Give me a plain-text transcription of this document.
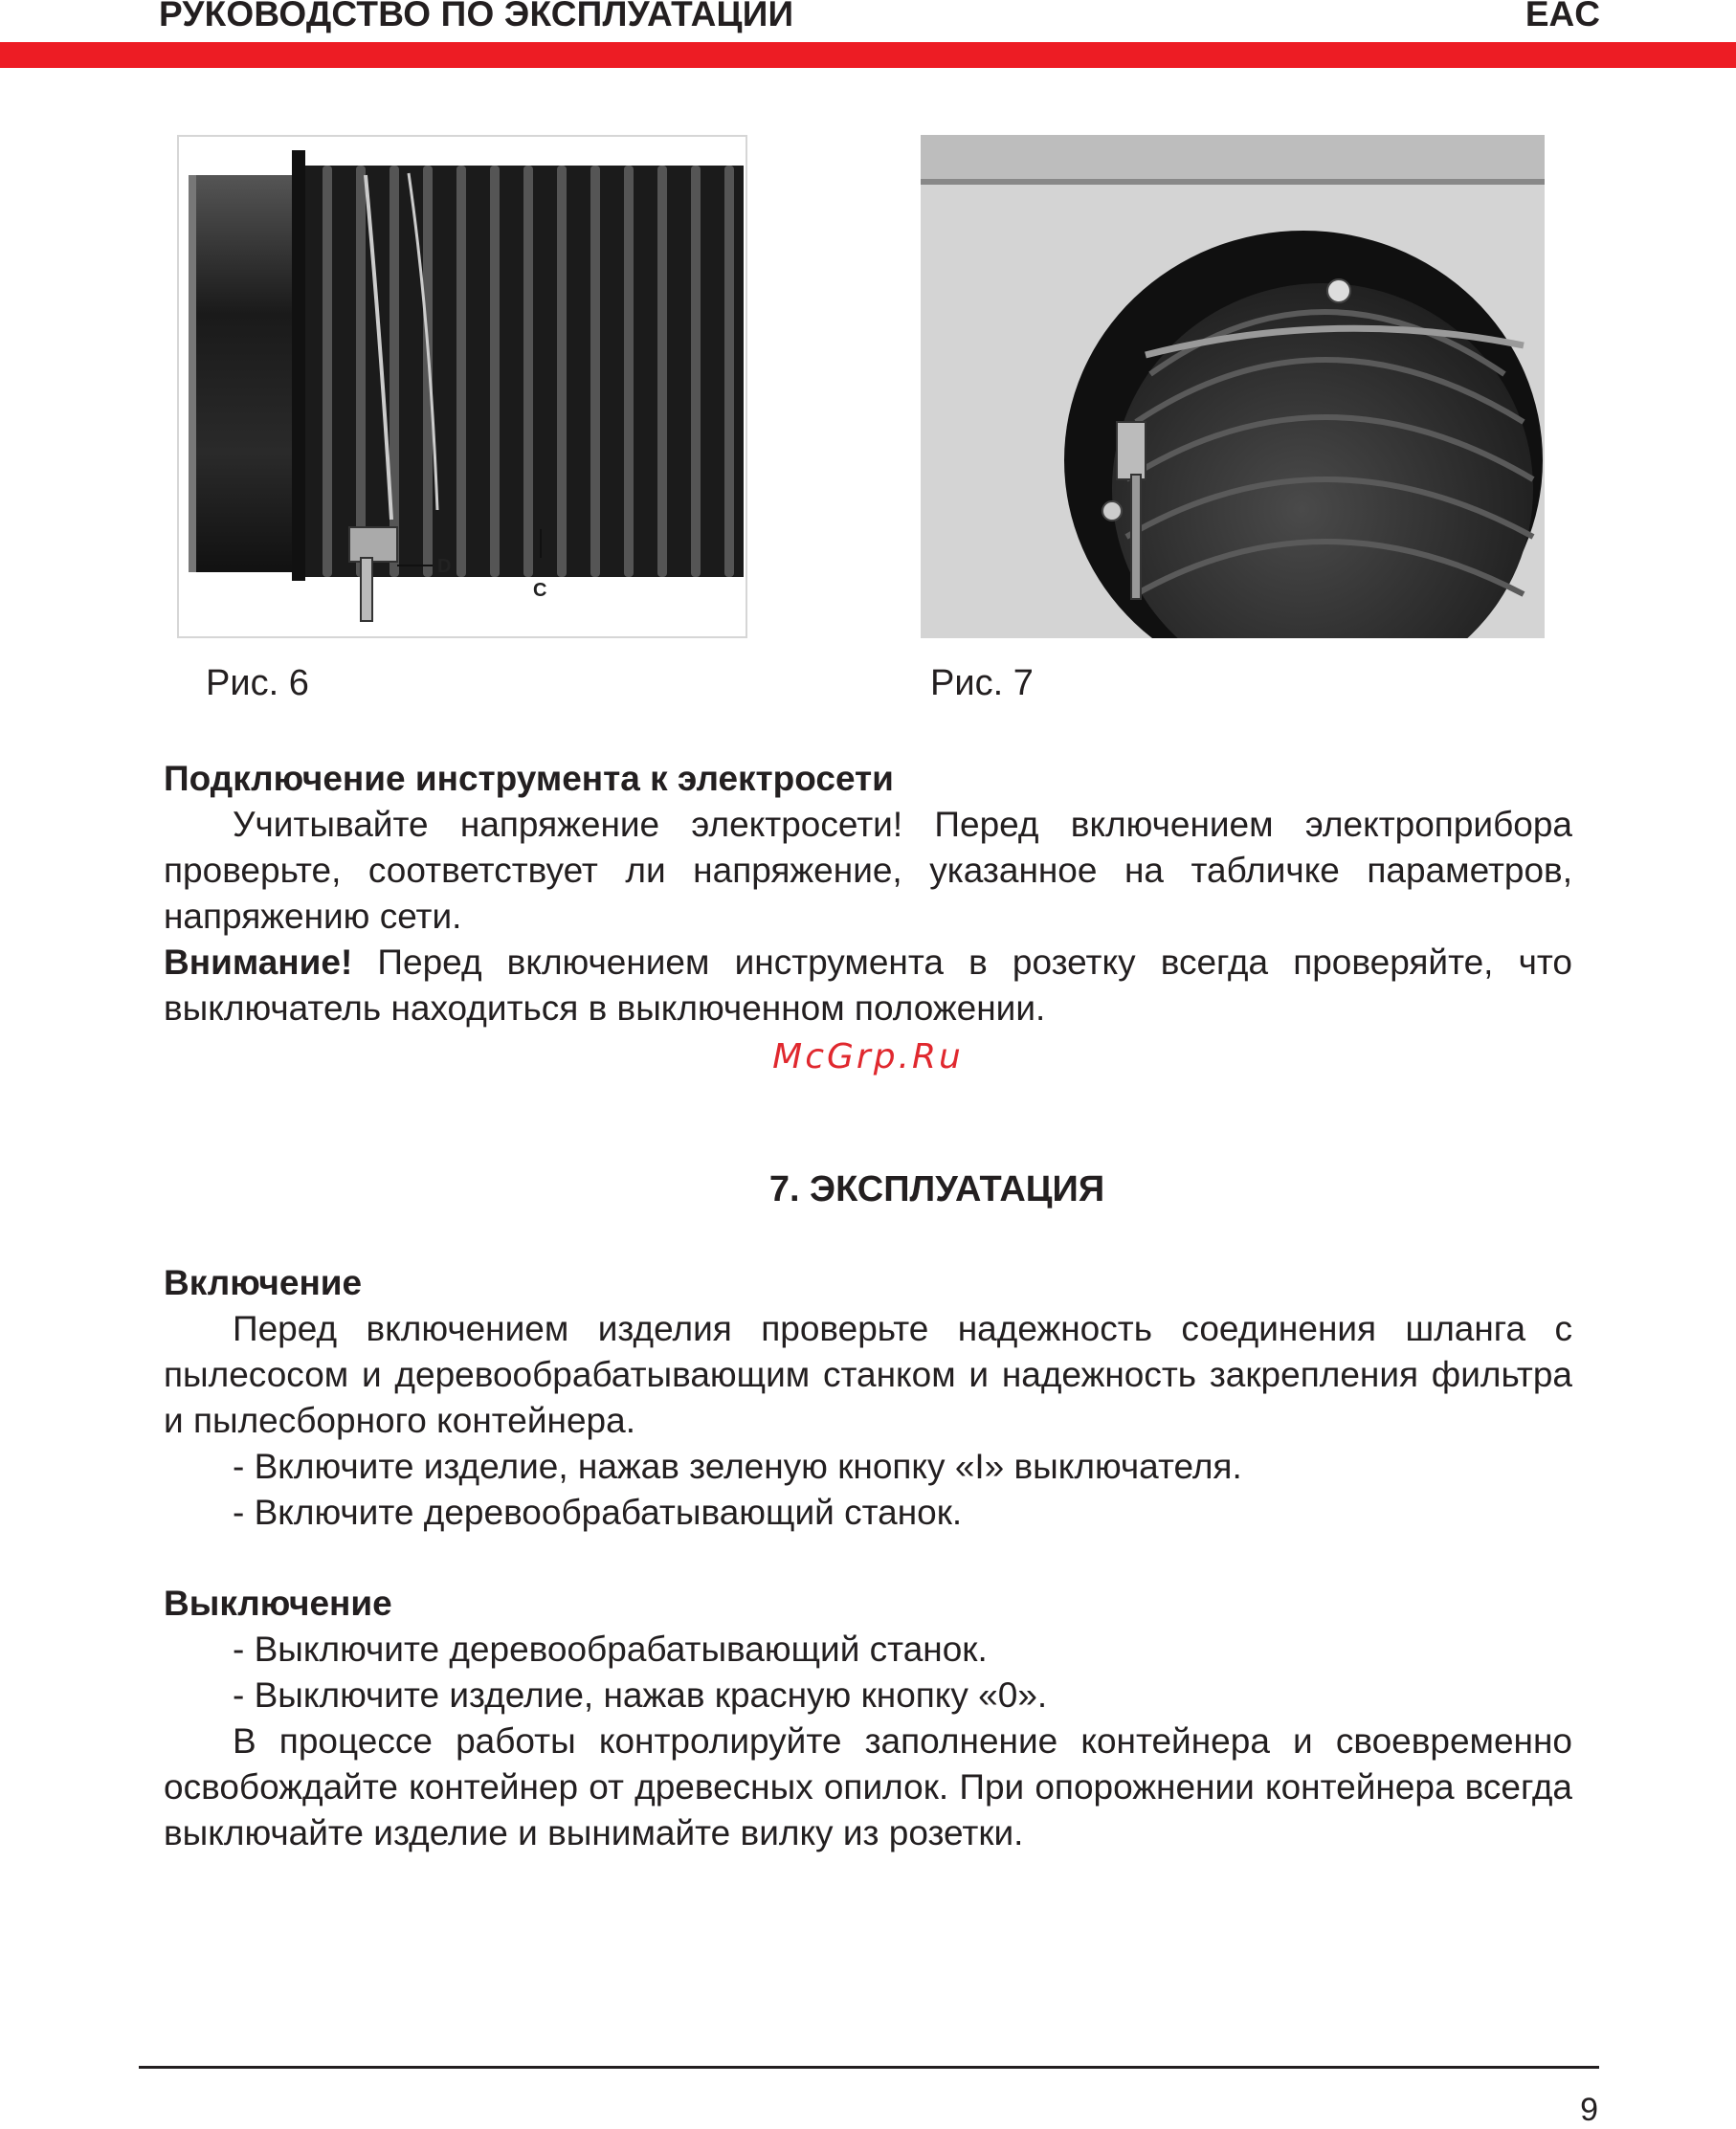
РУКОВОДСТВО ПО ЭКСПЛУАТАЦИИ	EAC
D
C
Рис. 6	Рис. 7
Подключение инструмента к электросети

Учитывайте напряжение электросети! Перед включением электроприбора проверьте, соответствует ли напряжение, указанное на табличке параметров, напряжению сети.

Внимание! Перед включением инструмента в розетку всегда проверяйте, что выключатель находиться в выключенном положении.

McGrp.Ru
7. ЭКСПЛУАТАЦИЯ
Включение

Перед включением изделия проверьте надежность соединения шланга с пылесосом и деревообрабатывающим станком и надежность закрепления фильтра и пылесборного контейнера.

- Включите изделие, нажав зеленую кнопку «I» выключателя.

- Включите деревообрабатывающий станок.

Выключение

- Выключите деревообрабатывающий станок.

- Выключите изделие, нажав красную кнопку «0».

В процессе работы контролируйте заполнение контейнера и своевременно освобождайте контейнер от древесных опилок. При опорожнении контейнера всегда выключайте изделие и вынимайте вилку из розетки.

9
